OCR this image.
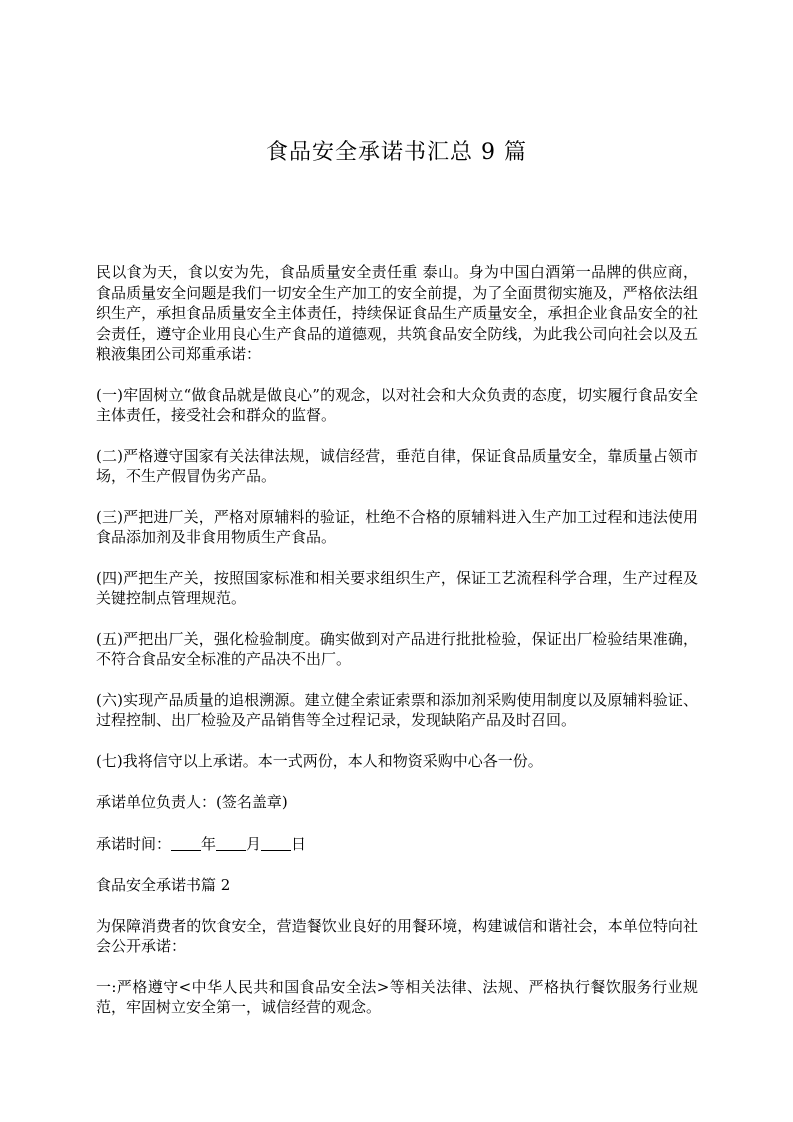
食品安全承诺书汇总 9 篇

民以食为天，食以安为先，食品质量安全责任重 泰山。身为中国白酒第一品牌的供应商，食品质量安全问题是我们一切安全生产加工的安全前提，为了全面贯彻实施及，严格依法组织生产，承担食品质量安全主体责任，持续保证食品生产质量安全，承担企业食品安全的社会责任，遵守企业用良心生产食品的道德观，共筑食品安全防线，为此我公司向社会以及五粮液集团公司郑重承诺：

(一)牢固树立“做食品就是做良心”的观念，以对社会和大众负责的态度，切实履行食品安全主体责任，接受社会和群众的监督。

(二)严格遵守国家有关法律法规，诚信经营，垂范自律，保证食品质量安全，靠质量占领市场，不生产假冒伪劣产品。

(三)严把进厂关，严格对原辅料的验证，杜绝不合格的原辅料进入生产加工过程和违法使用食品添加剂及非食用物质生产食品。

(四)严把生产关，按照国家标准和相关要求组织生产，保证工艺流程科学合理，生产过程及关键控制点管理规范。

(五)严把出厂关，强化检验制度。确实做到对产品进行批批检验，保证出厂检验结果准确，不符合食品安全标准的产品决不出厂。

(六)实现产品质量的追根溯源。建立健全索证索票和添加剂采购使用制度以及原辅料验证、过程控制、出厂检验及产品销售等全过程记录，发现缺陷产品及时召回。

(七)我将信守以上承诺。本一式两份，本人和物资采购中心各一份。

承诺单位负责人：(签名盖章)

承诺时间： 年 月 日

食品安全承诺书篇 2

为保障消费者的饮食安全，营造餐饮业良好的用餐环境，构建诚信和谐社会，本单位特向社会公开承诺：

一:严格遵守<中华人民共和国食品安全法>等相关法律、法规、严格执行餐饮服务行业规范，牢固树立安全第一，诚信经营的观念。
